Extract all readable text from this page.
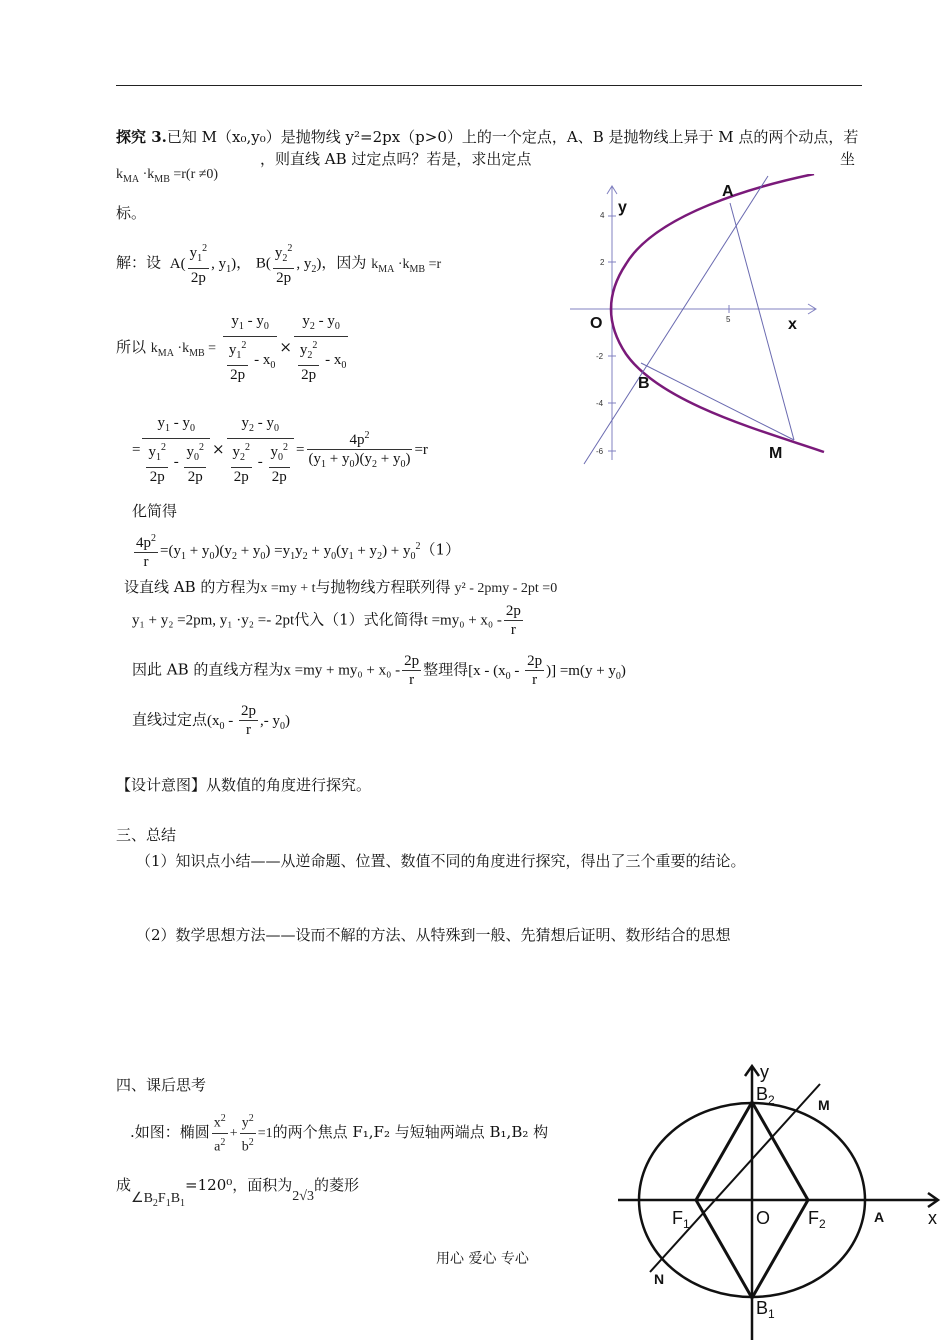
探究 3.已知 M（x₀,y₀）是抛物线 y²=2px（p>0）上的一个定点，A、B 是抛物线上异于 M 点的两个动点，若
$k_{MA} \cdot k_{MB} =r(r \ne 0)$
，则直线 AB 过定点吗？若是，求出定点	坐
标。
解：设 $A( \frac{y_1^2}{2p}$ , $y_1$)， $B( \frac{y_2^2}{2p}$ , $y_2$)，因为 $k_{MA} \cdot k_{MB} =r$
所以 $k_{MA} \cdot k_{MB} = \frac{y_1 - y_0}{\frac{y_1^2}{2p} - x_0} \times \frac{y_2 - y_0}{\frac{y_2^2}{2p} - x_0}$
= $\frac{y_1 - y_0}{\frac{y_1^2}{2p} - \frac{y_0^2}{2p}} \times \frac{y_2 - y_0}{\frac{y_2^2}{2p} - \frac{y_0^2}{2p}} = \frac{4p^2}{(y_1 + y_0)(y_2 + y_0)} =r$
化简得
$\frac{4p^2}{r} =(y_1 + y_0)(y_2 + y_0) =y_1y_2 + y_0(y_1 + y_2) + y_0^2(1)$
设直线 AB 的方程为x =my + t与抛物线方程联列得 y² - 2pmy - 2pt =0
y₁ + y₂ =2pm, y₁ ·y₂ =- 2pt代入（1）式化简得$t =my_0 + x_0 - \frac{2p}{r}$
因此 AB 的直线方程为$x =my + my_0 + x_0 - \frac{2p}{r}$ 整理得[$x - (x_0 - \frac{2p}{r}$ )] $=m(y + y_0)$
直线过定点($x_0 - \frac{2p}{r}$ ,- $y_0$)
【设计意图】从数值的角度进行探究。
三、总结
（1）知识点小结——从逆命题、位置、数值不同的角度进行探究，得出了三个重要的结论。
（2）数学思想方法——设而不解的方法、从特殊到一般、先猜想后证明、数形结合的思想
四、课后思考
.如图：椭圆 $\frac{x^2}{a^2} + \frac{y^2}{b^2} =1$的两个焦点 F₁,F₂ 与短轴两端点 B₁,B₂ 构
成$\angle B_2F_1B_1=120^0$，面积为2√3的菱形
用心 爱心 专心
4
2
-2
-4
-6
5
A
B
M
O	x
y
y
x
$B_2$
$B_1$
$F_1$	$F_2$
O	A
M
N
